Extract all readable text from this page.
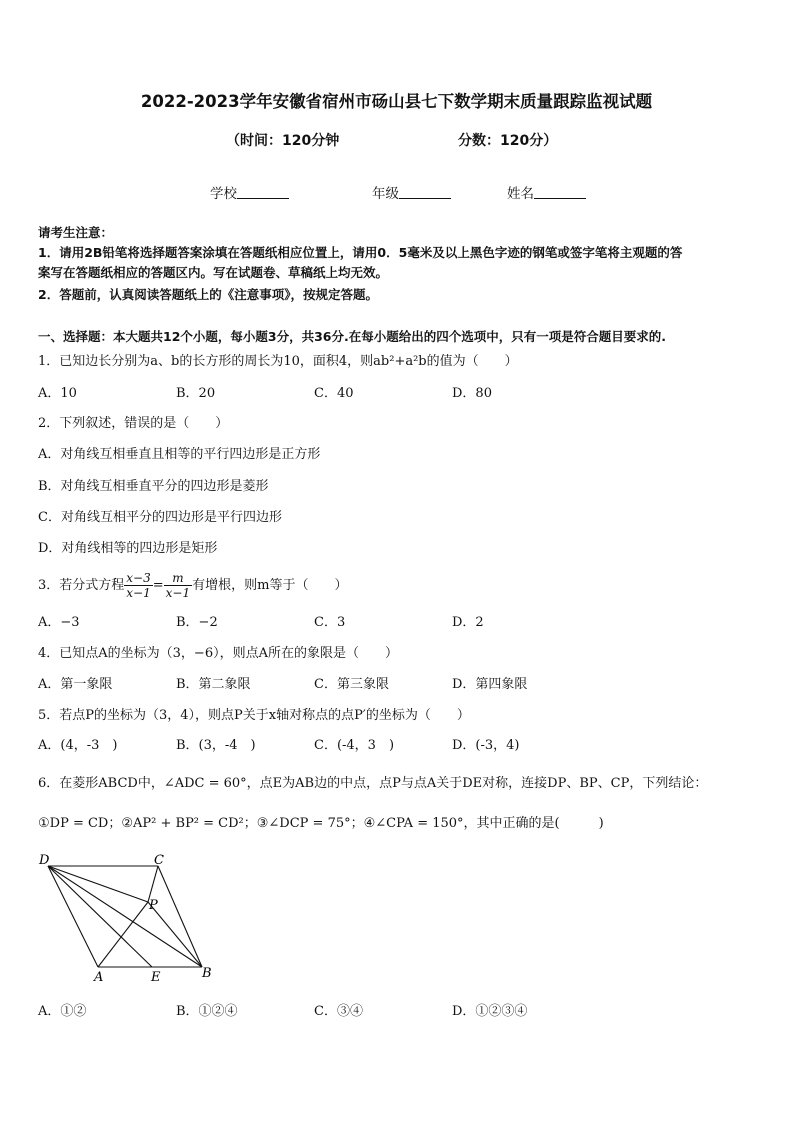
2022-2023学年安徽省宿州市砀山县七下数学期末质量跟踪监视试题
（时间：120分钟	分数：120分）
学校	年级	姓名
请考生注意：
1．请用2B铅笔将选择题答案涂填在答题纸相应位置上，请用0．5毫米及以上黑色字迹的钢笔或签字笔将主观题的答
案写在答题纸相应的答题区内。写在试题卷、草稿纸上均无效。
2．答题前，认真阅读答题纸上的《注意事项》，按规定答题。
一、选择题：本大题共12个小题，每小题3分，共36分.在每小题给出的四个选项中，只有一项是符合题目要求的.
1．已知边长分别为a、b的长方形的周长为10，面积4，则ab²+a²b的值为（　　）
A．10	B．20	C．40	D．80
2．下列叙述，错误的是（　　）
A．对角线互相垂直且相等的平行四边形是正方形
B．对角线互相垂直平分的四边形是菱形
C．对角线互相平分的四边形是平行四边形
D．对角线相等的四边形是矩形
3．若分式方程 $\frac{x-3}{x-1} = \frac{m}{x-1}$ 有增根，则m等于（　　）
A．−3	B．−2	C．3	D．2
4．已知点A的坐标为（3，−6），则点A所在的象限是（　　）
A．第一象限	B．第二象限	C．第三象限	D．第四象限
5．若点P的坐标为（3，4），则点P关于x轴对称点的点P′的坐标为（　　）
A．(4，-3　)	B．(3，-4　)	C．(-4，3　)	D．(-3，4)
6．在菱形ABCD中，∠ADC = 60°，点E为AB边的中点，点P与点A关于DE对称，连接DP、BP、CP，下列结论：
①DP = CD；②AP² + BP² = CD²；③∠DCP = 75°；④∠CPA = 150°，其中正确的是(　　　)
D	C
P
A	E	B
A．①②	B．①②④	C．③④	D．①②③④
